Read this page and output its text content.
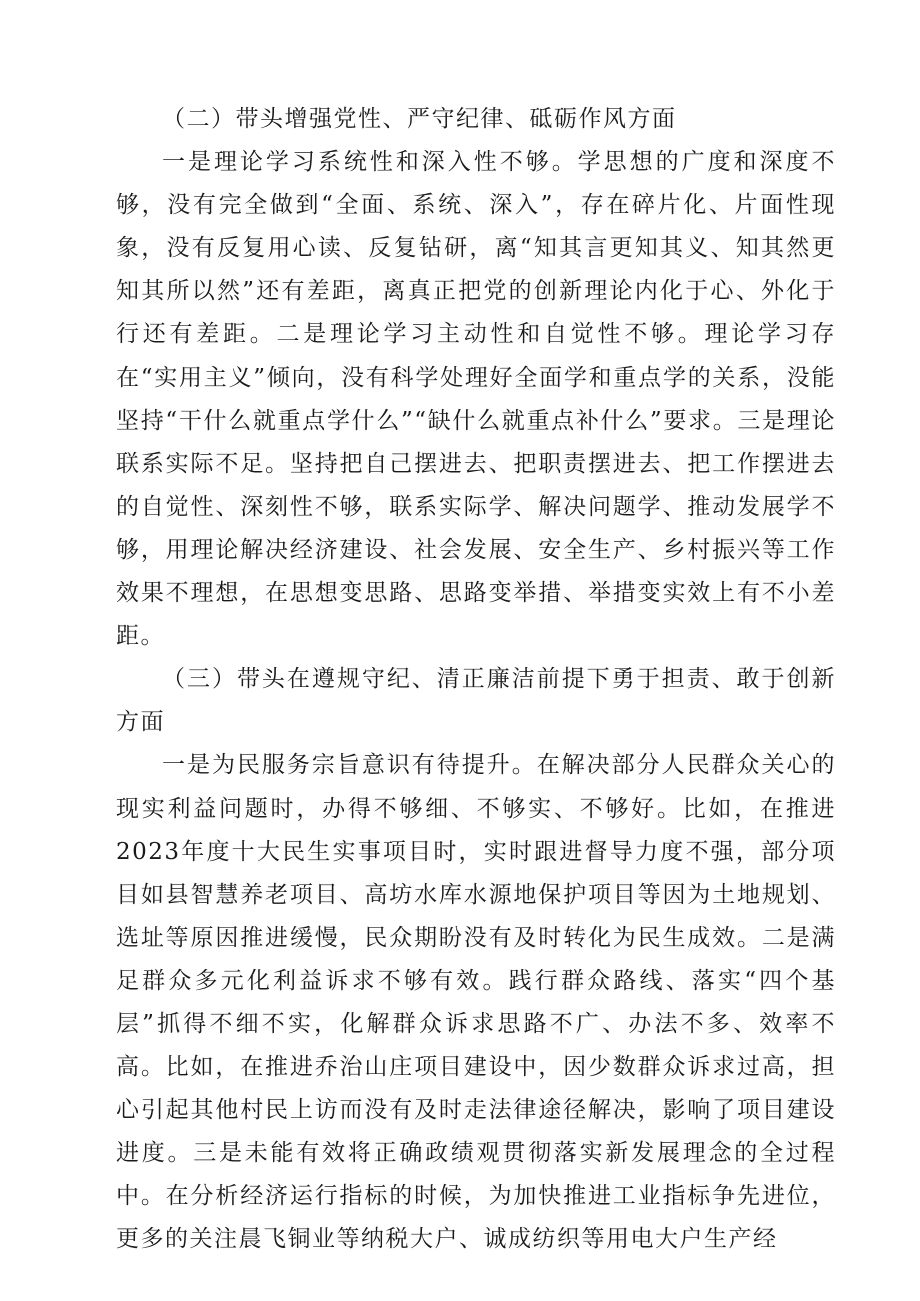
（二）带头增强党性、严守纪律、砥砺作风方面

一是理论学习系统性和深入性不够。学思想的广度和深度不够，没有完全做到“全面、系统、深入”，存在碎片化、片面性现象，没有反复用心读、反复钻研，离“知其言更知其义、知其然更知其所以然”还有差距，离真正把党的创新理论内化于心、外化于行还有差距。二是理论学习主动性和自觉性不够。理论学习存在“实用主义”倾向，没有科学处理好全面学和重点学的关系，没能坚持“干什么就重点学什么”“缺什么就重点补什么”要求。三是理论联系实际不足。坚持把自己摆进去、把职责摆进去、把工作摆进去的自觉性、深刻性不够，联系实际学、解决问题学、推动发展学不够，用理论解决经济建设、社会发展、安全生产、乡村振兴等工作效果不理想，在思想变思路、思路变举措、举措变实效上有不小差距。

（三）带头在遵规守纪、清正廉洁前提下勇于担责、敢于创新方面

一是为民服务宗旨意识有待提升。在解决部分人民群众关心的现实利益问题时，办得不够细、不够实、不够好。比如，在推进2023年度十大民生实事项目时，实时跟进督导力度不强，部分项目如县智慧养老项目、高坊水库水源地保护项目等因为土地规划、选址等原因推进缓慢，民众期盼没有及时转化为民生成效。二是满足群众多元化利益诉求不够有效。践行群众路线、落实“四个基层”抓得不细不实，化解群众诉求思路不广、办法不多、效率不高。比如，在推进乔治山庄项目建设中，因少数群众诉求过高，担心引起其他村民上访而没有及时走法律途径解决，影响了项目建设进度。三是未能有效将正确政绩观贯彻落实新发展理念的全过程中。在分析经济运行指标的时候，为加快推进工业指标争先进位，更多的关注晨飞铜业等纳税大户、诚成纺织等用电大户生产经
